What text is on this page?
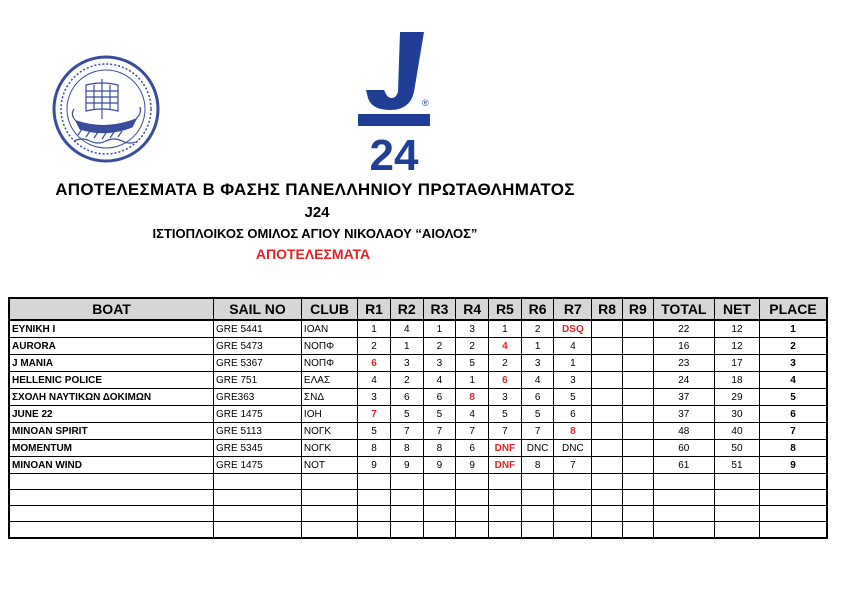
®
24
ΑΠΟΤΕΛΕΣΜΑΤΑ Β ΦΑΣΗΣ ΠΑΝΕΛΛΗΝΙΟΥ ΠΡΩΤΑΘΛΗΜΑΤΟΣ
J24
ΙΣΤΙΟΠΛΟΙΚΟΣ ΟΜΙΛΟΣ ΑΓΙΟΥ ΝΙΚΟΛΑΟΥ “ΑΙΟΛΟΣ”
ΑΠΟΤΕΛΕΣΜΑΤΑ
BOAT	SAIL NO	CLUB	R1	R2	R3	R4	R5	R6	R7	R8	R9	TOTAL	NET	PLACE
ΕΥΝΙΚΗ Ι	GRE 5441	ΙΟΑΝ	1	4	1	3	1	2	DSQ			22	12	1
AURORA	GRE 5473	ΝΟΠΦ	2	1	2	2	4	1	4			16	12	2
J MANIA	GRE 5367	ΝΟΠΦ	6	3	3	5	2	3	1			23	17	3
HELLENIC POLICE	GRE 751	ΕΛΑΣ	4	2	4	1	6	4	3			24	18	4
ΣΧΟΛΗ ΝΑΥΤΙΚΩΝ ΔΟΚΙΜΩΝ	GRE363	ΣΝΔ	3	6	6	8	3	6	5			37	29	5
JUNE 22	GRE 1475	ΙΟΗ	7	5	5	4	5	5	6			37	30	6
MINOAN SPIRIT	GRE 5113	ΝΟΓΚ	5	7	7	7	7	7	8			48	40	7
MOMENTUM	GRE 5345	ΝΟΓΚ	8	8	8	6	DNF	DNC	DNC			60	50	8
MINOAN WIND	GRE 1475	ΝΟΤ	9	9	9	9	DNF	8	7			61	51	9
